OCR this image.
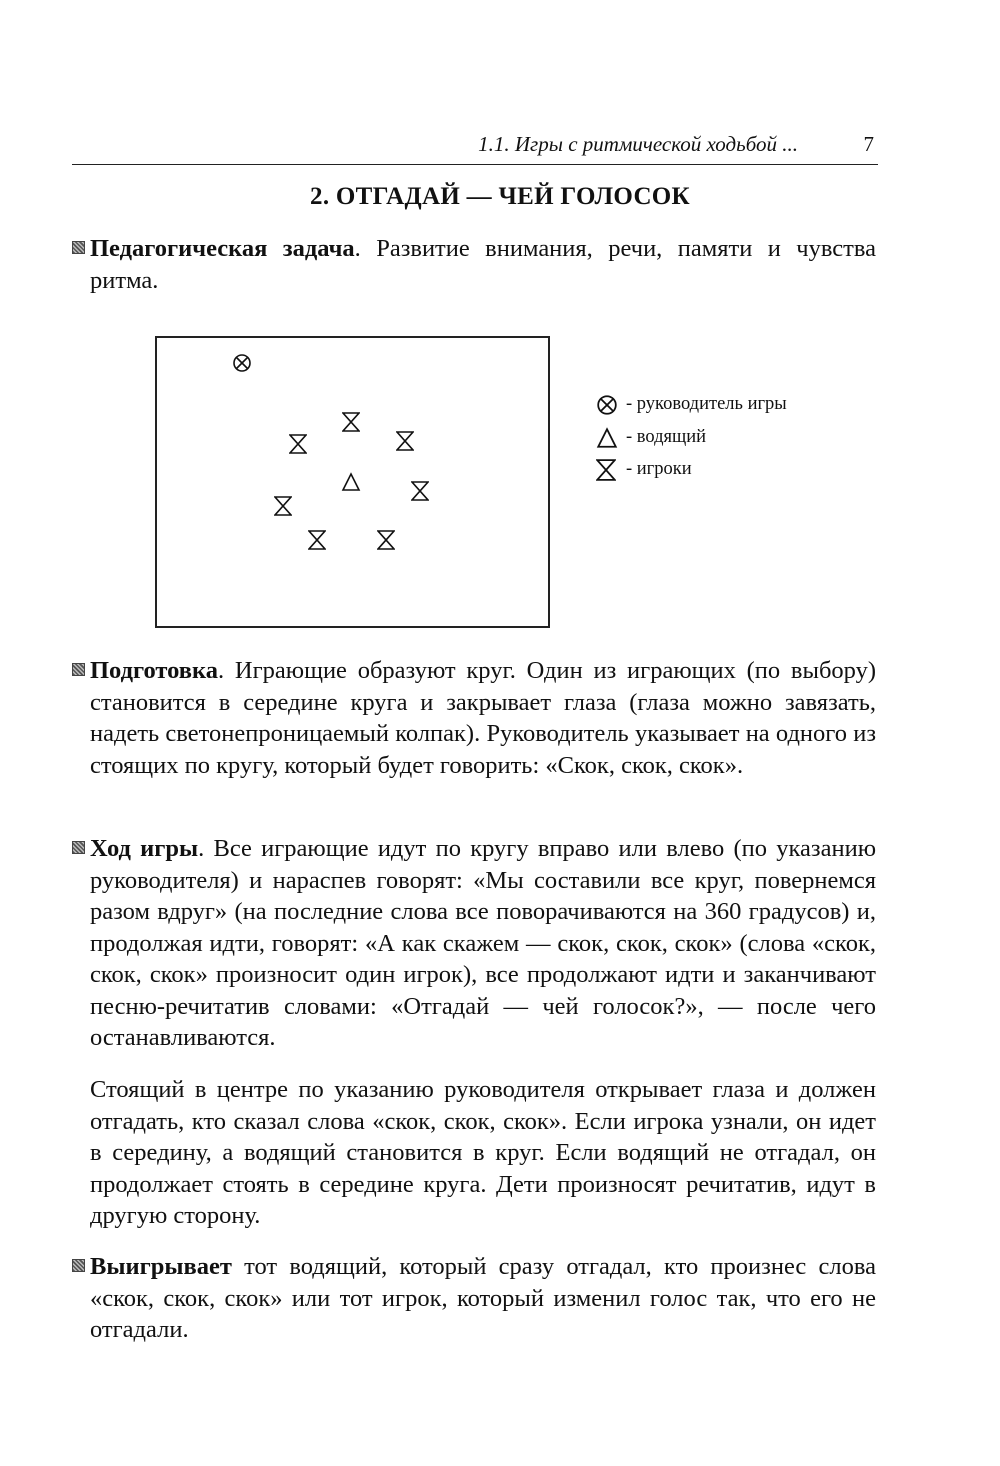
1.1. Игры с ритмической ходьбой ...	7
2. ОТГАДАЙ — ЧЕЙ ГОЛОСОК

Педагогическая задача. Развитие внимания, речи, памяти и чувства ритма.

- руководитель игры
- водящий
- игроки

Подготовка. Играющие образуют круг. Один из играющих (по выбору) становится в середине круга и закрывает глаза (глаза можно завязать, надеть светонепроницаемый колпак). Руководитель указывает на одного из стоящих по кругу, который будет говорить: «Скок, скок, скок».

Ход игры. Все играющие идут по кругу вправо или влево (по указанию руководителя) и нараспев говорят: «Мы составили все круг, повернемся разом вдруг» (на последние слова все поворачиваются на 360 градусов) и, продолжая идти, говорят: «А как скажем — скок, скок, скок» (слова «скок, скок, скок» произносит один игрок), все продолжают идти и заканчивают песню-речитатив словами: «Отгадай — чей голосок?», — после чего останавливаются.

Стоящий в центре по указанию руководителя открывает глаза и должен отгадать, кто сказал слова «скок, скок, скок». Если игрока узнали, он идет в середину, а водящий становится в круг. Если водящий не отгадал, он продолжает стоять в середине круга. Дети произносят речитатив, идут в другую сторону.

Выигрывает тот водящий, который сразу отгадал, кто произнес слова «скок, скок, скок» или тот игрок, который изменил голос так, что его не отгадали.
